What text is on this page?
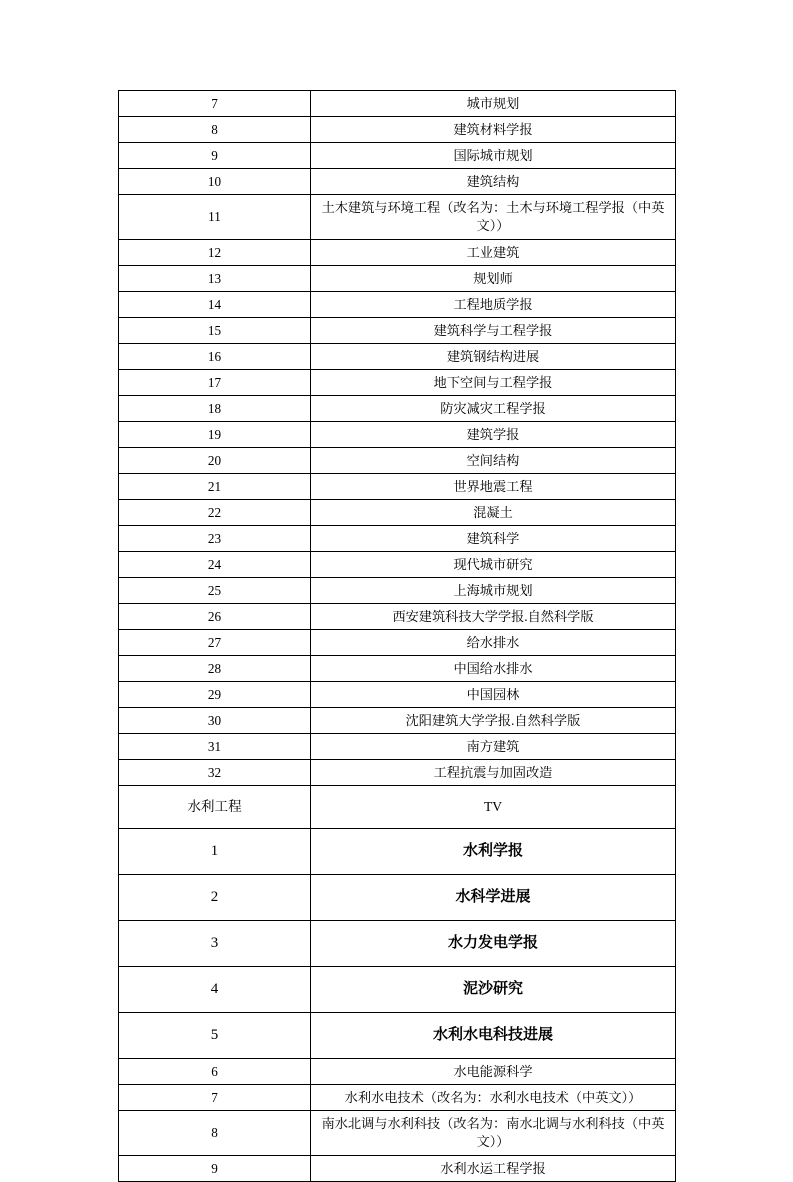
7	城市规划
8	建筑材料学报
9	国际城市规划
10	建筑结构
11	土木建筑与环境工程（改名为：土木与环境工程学报（中英文））
12	工业建筑
13	规划师
14	工程地质学报
15	建筑科学与工程学报
16	建筑钢结构进展
17	地下空间与工程学报
18	防灾减灾工程学报
19	建筑学报
20	空间结构
21	世界地震工程
22	混凝土
23	建筑科学
24	现代城市研究
25	上海城市规划
26	西安建筑科技大学学报.自然科学版
27	给水排水
28	中国给水排水
29	中国园林
30	沈阳建筑大学学报.自然科学版
31	南方建筑
32	工程抗震与加固改造
水利工程	TV
1	水利学报
2	水科学进展
3	水力发电学报
4	泥沙研究
5	水利水电科技进展
6	水电能源科学
7	水利水电技术（改名为：水利水电技术（中英文））
8	南水北调与水利科技（改名为：南水北调与水利科技（中英文））
9	水利水运工程学报
